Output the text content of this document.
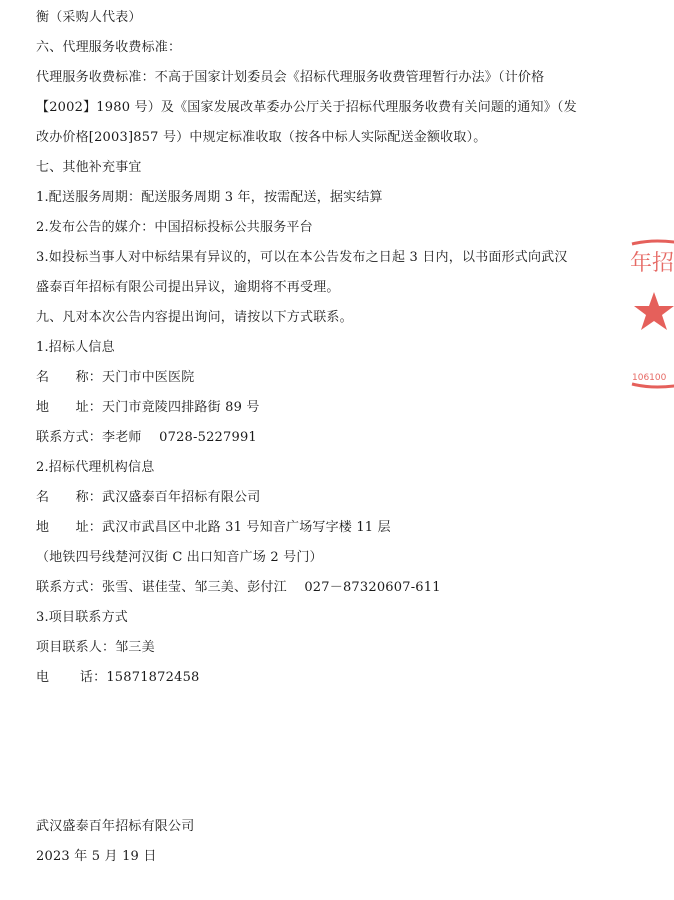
衡（采购人代表）
六、代理服务收费标准：
代理服务收费标准：不高于国家计划委员会《招标代理服务收费管理暂行办法》（计价格
【2002】1980 号）及《国家发展改革委办公厅关于招标代理服务收费有关问题的通知》（发
改办价格[2003]857 号）中规定标准收取（按各中标人实际配送金额收取）。
七、其他补充事宜
1.配送服务周期：配送服务周期 3 年，按需配送，据实结算
2.发布公告的媒介：中国招标投标公共服务平台
3.如投标当事人对中标结果有异议的，可以在本公告发布之日起 3 日内，以书面形式向武汉
盛泰百年招标有限公司提出异议，逾期将不再受理。
九、凡对本次公告内容提出询问，请按以下方式联系。
1.招标人信息
名　　称：天门市中医医院
地　　址：天门市竟陵四排路街 89 号
联系方式：李老师　 0728-5227991
2.招标代理机构信息
名　　称：武汉盛泰百年招标有限公司
地　　址：武汉市武昌区中北路 31 号知音广场写字楼 11 层
（地铁四号线楚河汉街 C 出口知音广场 2 号门）
联系方式：张雪、谌佳莹、邹三美、彭付江　 027－87320607-611
3.项目联系方式
项目联系人：邹三美
电　　 话：15871872458
武汉盛泰百年招标有限公司
2023 年 5 月 19 日
年招
106100
